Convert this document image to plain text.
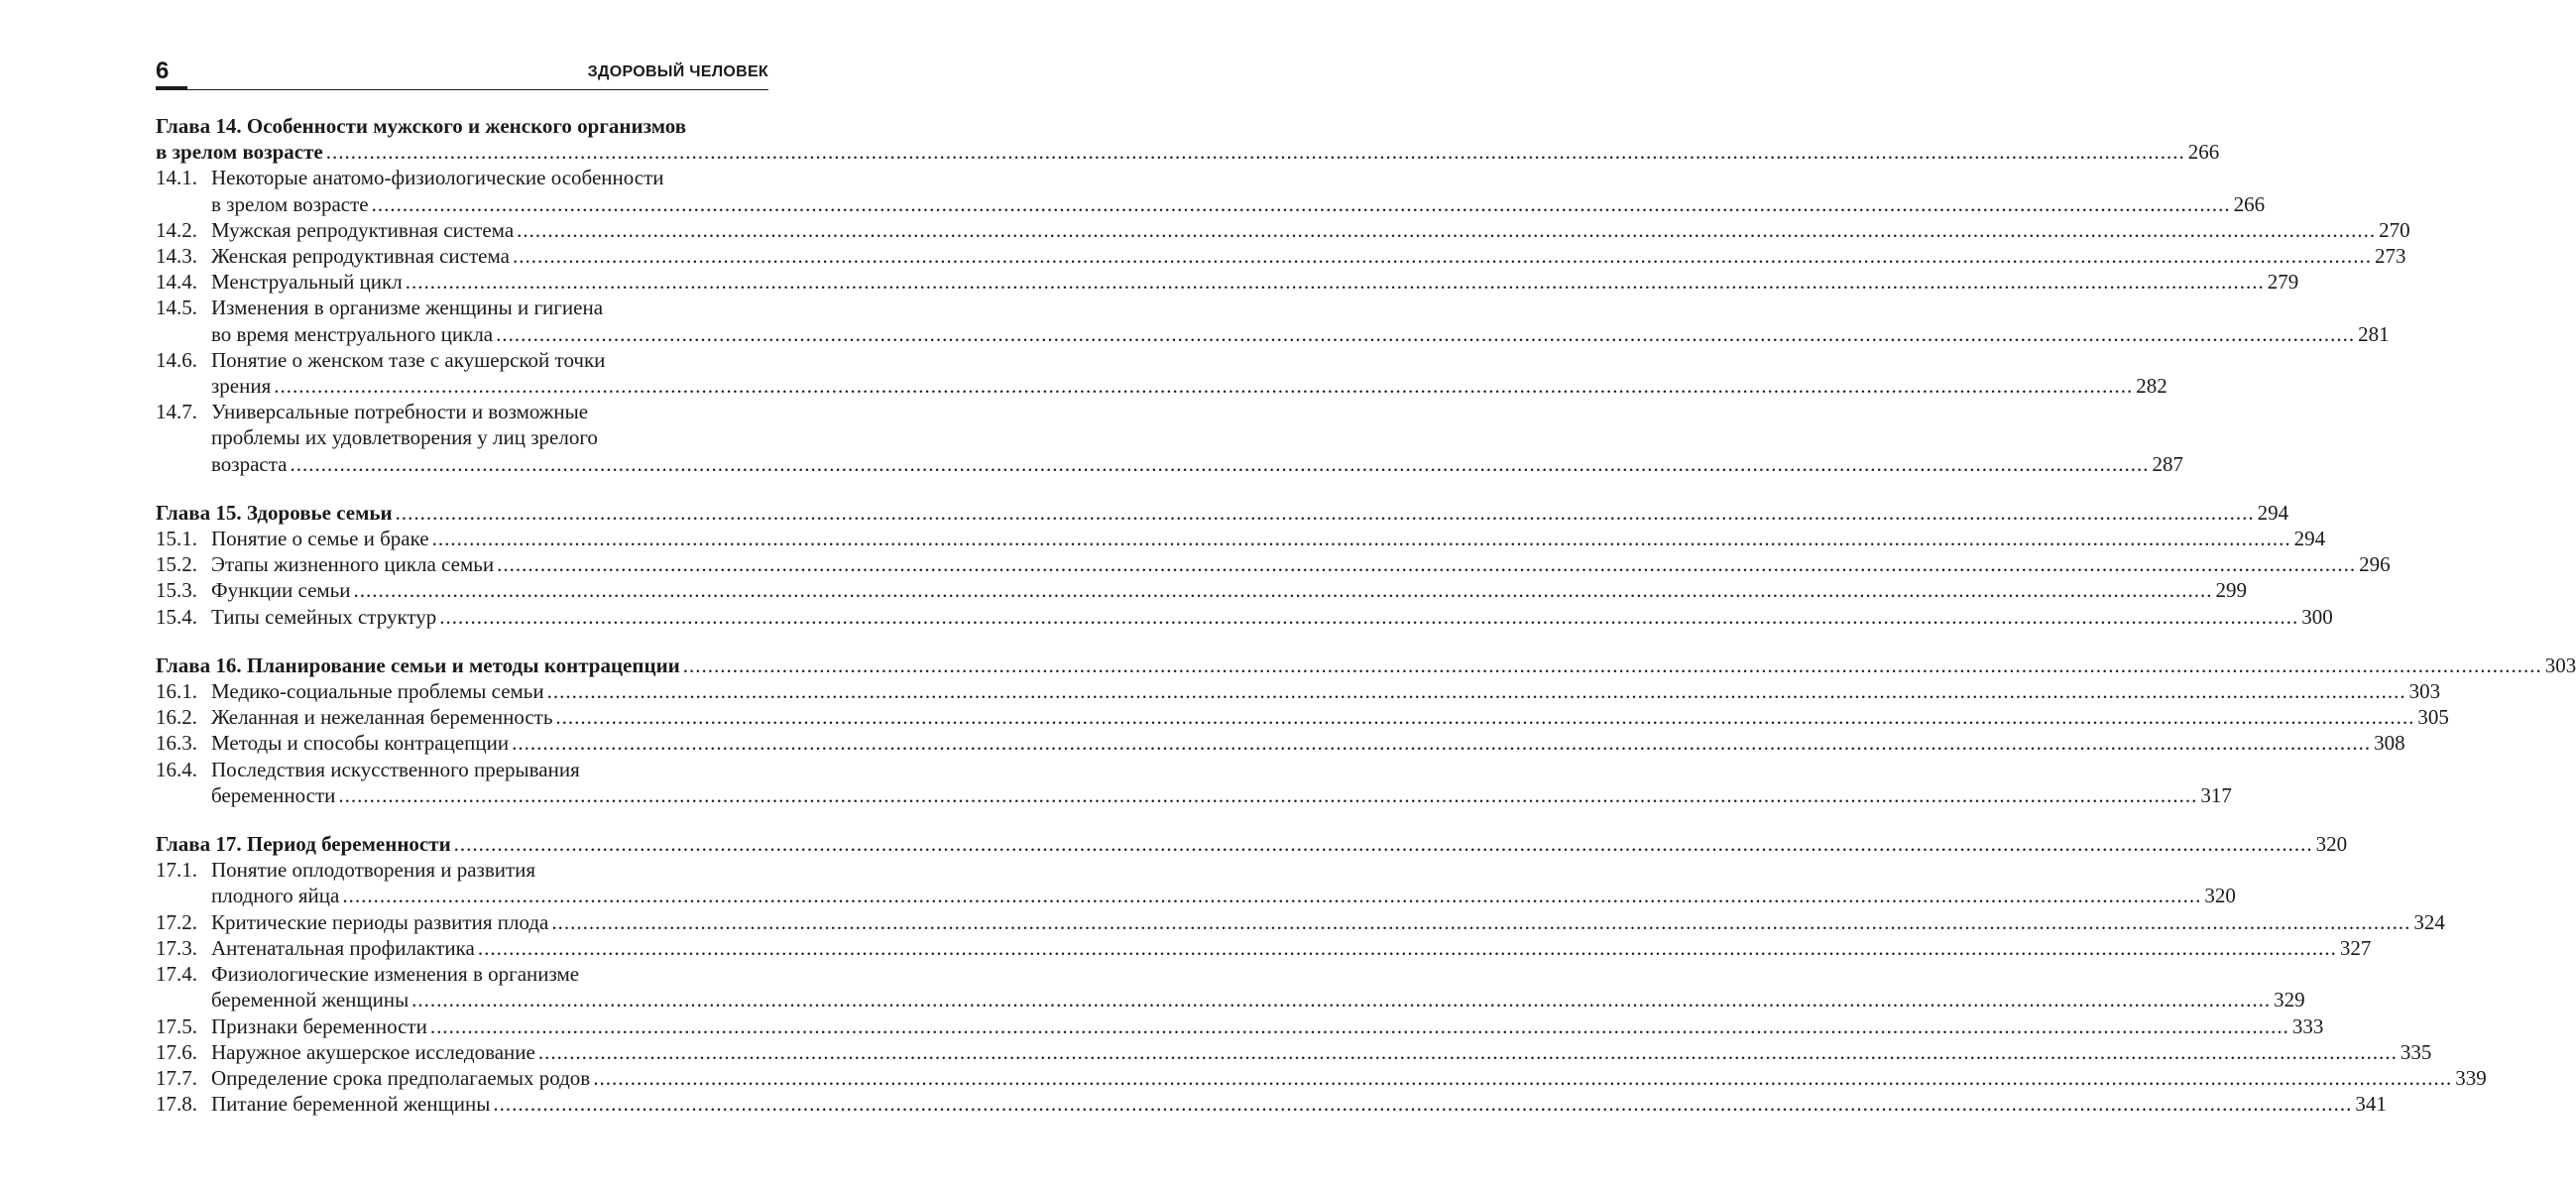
6	ЗДОРОВЫЙ ЧЕЛОВЕК
Глава 14. Особенности мужского и женского организмов
в зрелом возрасте ............................................................................................................................................................................................................................................................................................................ 266
14.1. Некоторые анатомо-физиологические особенности
в зрелом возрасте ............................................................................................................................................................................................................................................................................................................ 266
14.2. Мужская репродуктивная система ............................................................................................................................................................................................................................................................................................................ 270
14.3. Женская репродуктивная система ............................................................................................................................................................................................................................................................................................................ 273
14.4. Менструальный цикл ............................................................................................................................................................................................................................................................................................................ 279
14.5. Изменения в организме женщины и гигиена
во время менструального цикла ............................................................................................................................................................................................................................................................................................................ 281
14.6. Понятие о женском тазе с акушерской точки
зрения ............................................................................................................................................................................................................................................................................................................ 282
14.7. Универсальные потребности и возможные
проблемы их удовлетворения у лиц зрелого
возраста ............................................................................................................................................................................................................................................................................................................ 287
Глава 15. Здоровье семьи ............................................................................................................................................................................................................................................................................................................ 294
15.1. Понятие о семье и браке ............................................................................................................................................................................................................................................................................................................ 294
15.2. Этапы жизненного цикла семьи ............................................................................................................................................................................................................................................................................................................ 296
15.3. Функции семьи ............................................................................................................................................................................................................................................................................................................ 299
15.4. Типы семейных структур ............................................................................................................................................................................................................................................................................................................ 300
Глава 16. Планирование семьи и методы контрацепции ............................................................................................................................................................................................................................................................................................................ 303
16.1. Медико-социальные проблемы семьи ............................................................................................................................................................................................................................................................................................................ 303
16.2. Желанная и нежеланная беременность ............................................................................................................................................................................................................................................................................................................ 305
16.3. Методы и способы контрацепции ............................................................................................................................................................................................................................................................................................................ 308
16.4. Последствия искусственного прерывания
беременности ............................................................................................................................................................................................................................................................................................................ 317
Глава 17. Период беременности ............................................................................................................................................................................................................................................................................................................ 320
17.1. Понятие оплодотворения и развития
плодного яйца ............................................................................................................................................................................................................................................................................................................ 320
17.2. Критические периоды развития плода ............................................................................................................................................................................................................................................................................................................ 324
17.3. Антенатальная профилактика ............................................................................................................................................................................................................................................................................................................ 327
17.4. Физиологические изменения в организме
беременной женщины ............................................................................................................................................................................................................................................................................................................ 329
17.5. Признаки беременности ............................................................................................................................................................................................................................................................................................................ 333
17.6. Наружное акушерское исследование ............................................................................................................................................................................................................................................................................................................ 335
17.7. Определение срока предполагаемых родов ............................................................................................................................................................................................................................................................................................................ 339
17.8. Питание беременной женщины ............................................................................................................................................................................................................................................................................................................ 341
